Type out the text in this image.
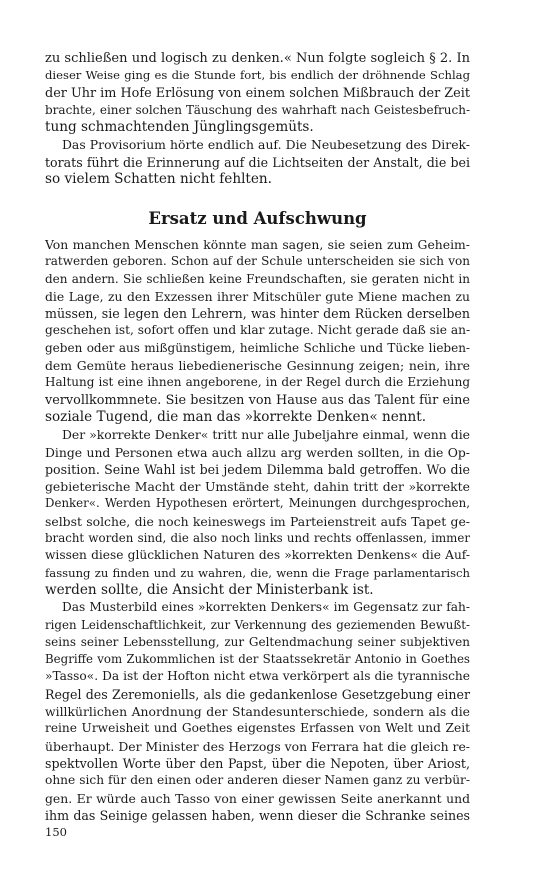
zu schließen und logisch zu denken.« Nun folgte sogleich § 2. In
dieser Weise ging es die Stunde fort, bis endlich der dröhnende Schlag
der Uhr im Hofe Erlösung von einem solchen Mißbrauch der Zeit
brachte, einer solchen Täuschung des wahrhaft nach Geistesbefruch-
tung schmachtenden Jünglingsgemüts.
Das Provisorium hörte endlich auf. Die Neubesetzung des Direk-
torats führt die Erinnerung auf die Lichtseiten der Anstalt, die bei
so vielem Schatten nicht fehlten.
Ersatz und Aufschwung
Von manchen Menschen könnte man sagen, sie seien zum Geheim-
ratwerden geboren. Schon auf der Schule unterscheiden sie sich von
den andern. Sie schließen keine Freundschaften, sie geraten nicht in
die Lage, zu den Exzessen ihrer Mitschüler gute Miene machen zu
müssen, sie legen den Lehrern, was hinter dem Rücken derselben
geschehen ist, sofort offen und klar zutage. Nicht gerade daß sie an-
geben oder aus mißgünstigem, heimliche Schliche und Tücke lieben-
dem Gemüte heraus liebedienerische Gesinnung zeigen; nein, ihre
Haltung ist eine ihnen angeborene, in der Regel durch die Erziehung
vervollkommnete. Sie besitzen von Hause aus das Talent für eine
soziale Tugend, die man das »korrekte Denken« nennt.
Der »korrekte Denker« tritt nur alle Jubeljahre einmal, wenn die
Dinge und Personen etwa auch allzu arg werden sollten, in die Op-
position. Seine Wahl ist bei jedem Dilemma bald getroffen. Wo die
gebieterische Macht der Umstände steht, dahin tritt der »korrekte
Denker«. Werden Hypothesen erörtert, Meinungen durchgesprochen,
selbst solche, die noch keineswegs im Parteienstreit aufs Tapet ge-
bracht worden sind, die also noch links und rechts offenlassen, immer
wissen diese glücklichen Naturen des »korrekten Denkens« die Auf-
fassung zu finden und zu wahren, die, wenn die Frage parlamentarisch
werden sollte, die Ansicht der Ministerbank ist.
Das Musterbild eines »korrekten Denkers« im Gegensatz zur fah-
rigen Leidenschaftlichkeit, zur Verkennung des geziemenden Bewußt-
seins seiner Lebensstellung, zur Geltendmachung seiner subjektiven
Begriffe vom Zukommlichen ist der Staatssekretär Antonio in Goethes
»Tasso«. Da ist der Hofton nicht etwa verkörpert als die tyrannische
Regel des Zeremoniells, als die gedankenlose Gesetzgebung einer
willkürlichen Anordnung der Standesunterschiede, sondern als die
reine Urweisheit und Goethes eigenstes Erfassen von Welt und Zeit
überhaupt. Der Minister des Herzogs von Ferrara hat die gleich re-
spektvollen Worte über den Papst, über die Nepoten, über Ariost,
ohne sich für den einen oder anderen dieser Namen ganz zu verbür-
gen. Er würde auch Tasso von einer gewissen Seite anerkannt und
ihm das Seinige gelassen haben, wenn dieser die Schranke seines
150
